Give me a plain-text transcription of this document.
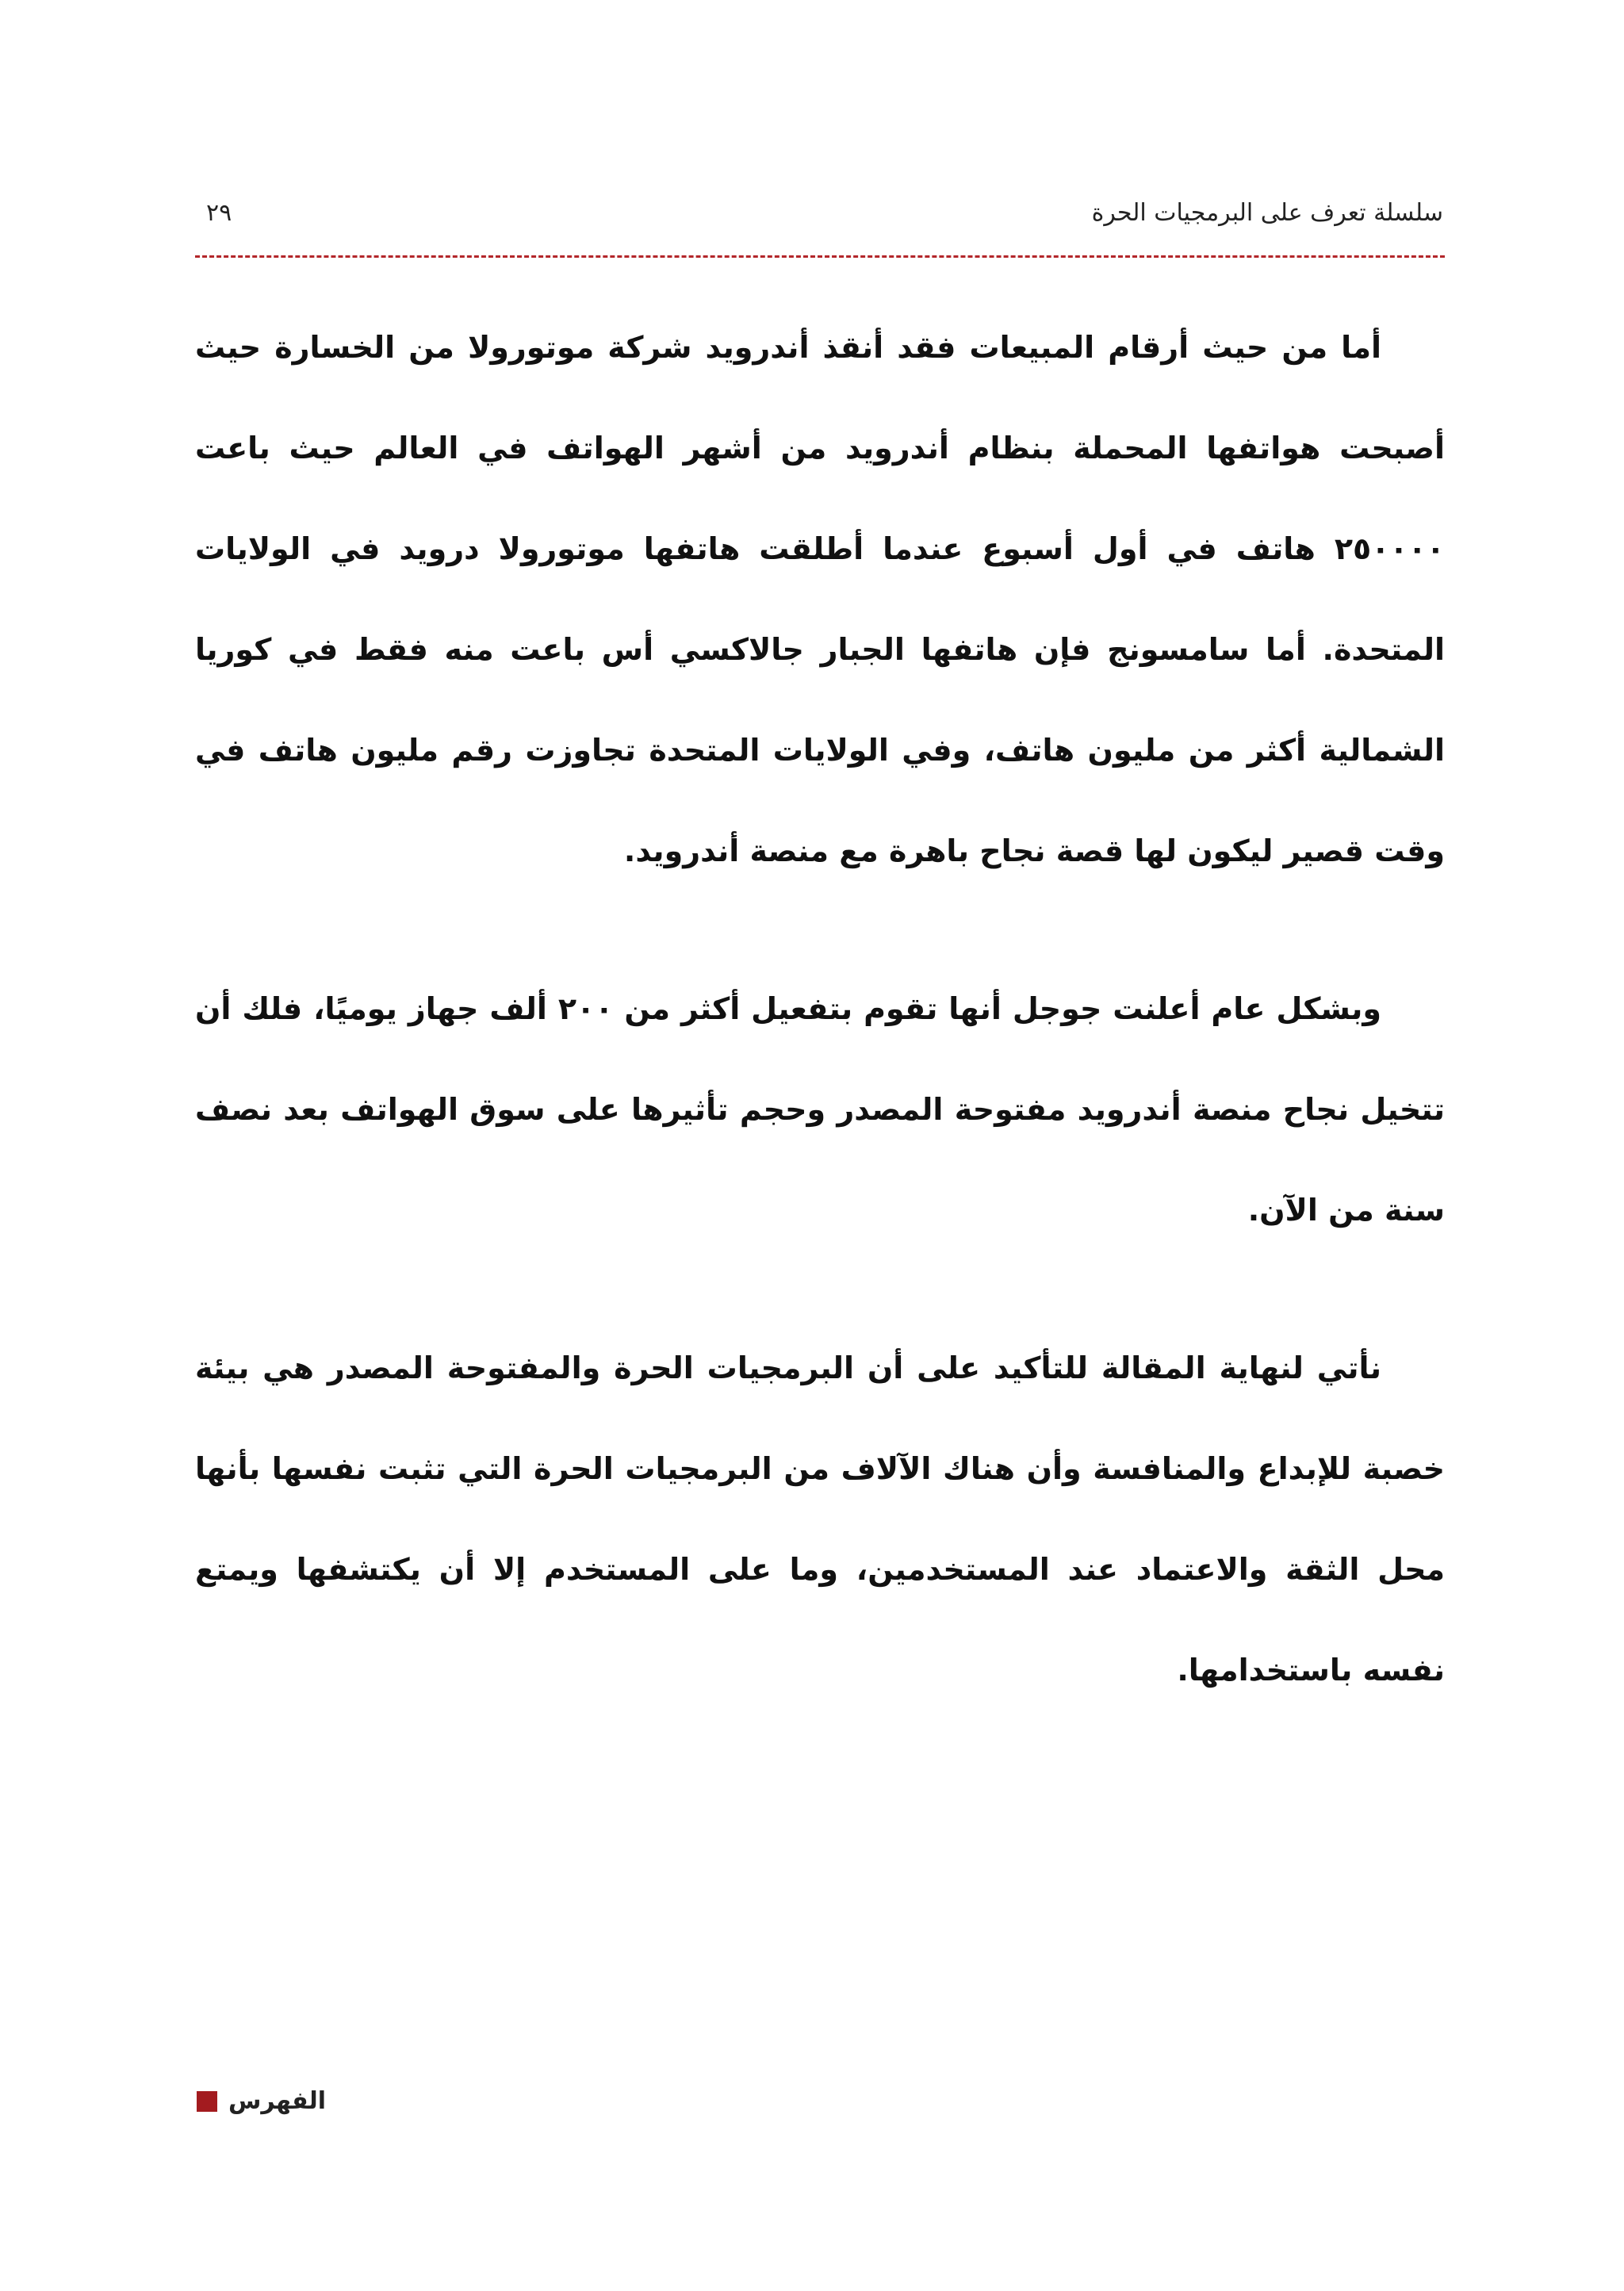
سلسلة تعرف على البرمجيات الحرة
٢٩

أما من حيث أرقام المبيعات فقد أنقذ أندرويد شركة موتورولا من الخسارة حيث أصبحت هواتفها المحملة بنظام أندرويد من أشهر الهواتف في العالم حيث باعت ٢٥٠٠٠٠ هاتف في أول أسبوع عندما أطلقت هاتفها موتورولا درويد في الولايات المتحدة. أما سامسونج فإن هاتفها الجبار جالاكسي أس باعت منه فقط في كوريا الشمالية أكثر من مليون هاتف، وفي الولايات المتحدة تجاوزت رقم مليون هاتف في وقت قصير ليكون لها قصة نجاح باهرة مع منصة أندرويد.

وبشكل عام أعلنت جوجل أنها تقوم بتفعيل أكثر من ٢٠٠ ألف جهاز يوميًا، فلك أن تتخيل نجاح منصة أندرويد مفتوحة المصدر وحجم تأثيرها على سوق الهواتف بعد نصف سنة من الآن.

نأتي لنهاية المقالة للتأكيد على أن البرمجيات الحرة والمفتوحة المصدر هي بيئة خصبة للإبداع والمنافسة وأن هناك الآلاف من البرمجيات الحرة التي تثبت نفسها بأنها محل الثقة والاعتماد عند المستخدمين، وما على المستخدم إلا أن يكتشفها ويمتع نفسه باستخدامها.

الفهرس
